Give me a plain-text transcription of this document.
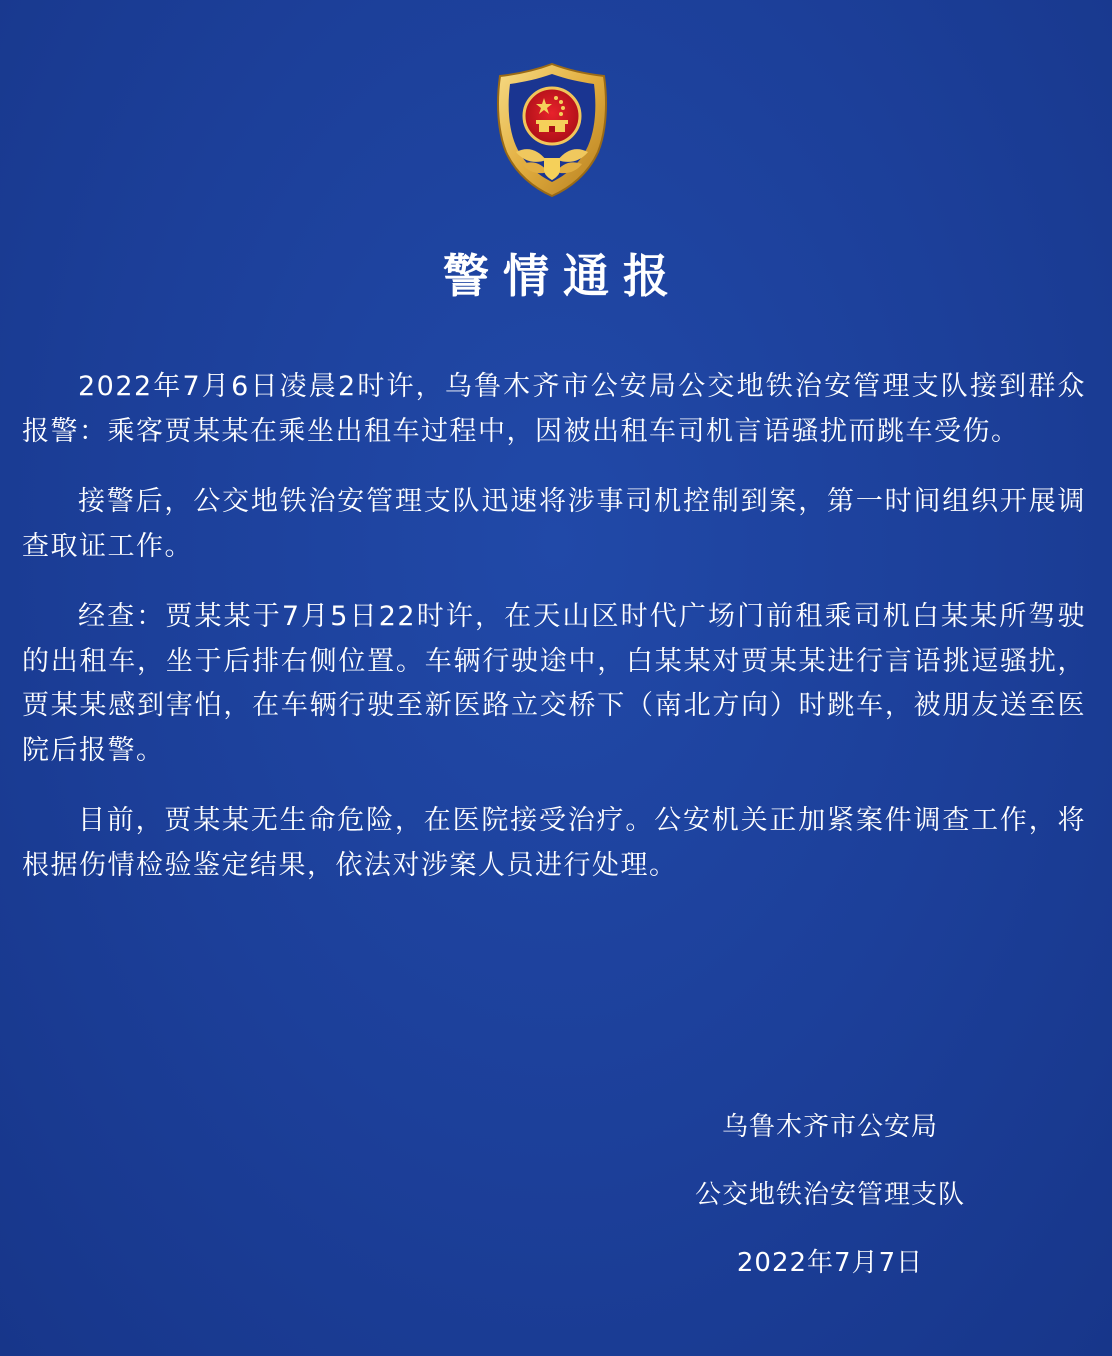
警情通报

2022年7月6日凌晨2时许，乌鲁木齐市公安局公交地铁治安管理支队接到群众报警：乘客贾某某在乘坐出租车过程中，因被出租车司机言语骚扰而跳车受伤。

接警后，公交地铁治安管理支队迅速将涉事司机控制到案，第一时间组织开展调查取证工作。

经查：贾某某于7月5日22时许，在天山区时代广场门前租乘司机白某某所驾驶的出租车，坐于后排右侧位置。车辆行驶途中，白某某对贾某某进行言语挑逗骚扰，贾某某感到害怕，在车辆行驶至新医路立交桥下（南北方向）时跳车，被朋友送至医院后报警。

目前，贾某某无生命危险，在医院接受治疗。公安机关正加紧案件调查工作，将根据伤情检验鉴定结果，依法对涉案人员进行处理。

乌鲁木齐市公安局
公交地铁治安管理支队
2022年7月7日
